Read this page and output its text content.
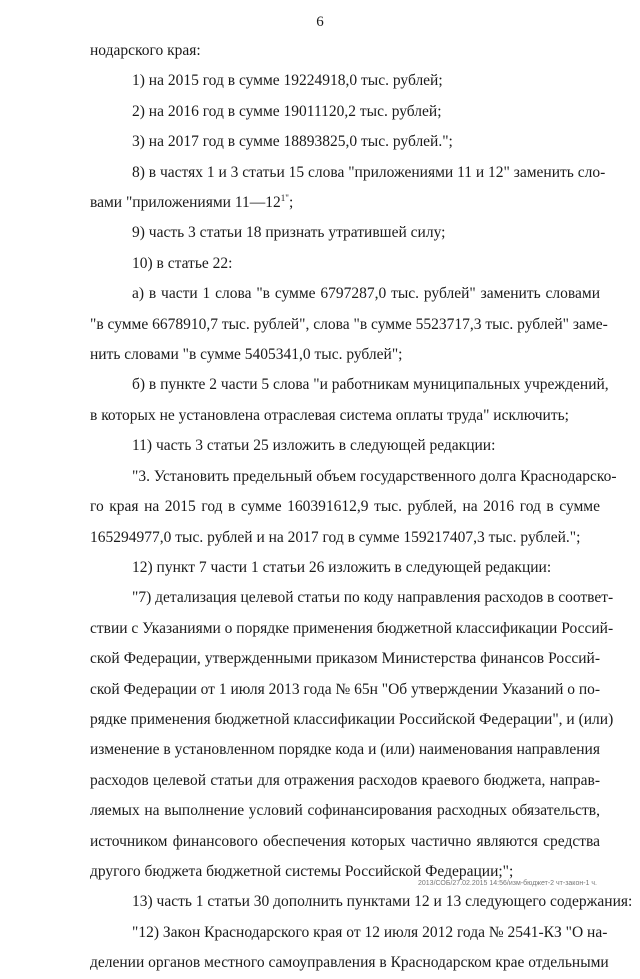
6
нодарского края:
1) на 2015 год в сумме 19224918,0 тыс. рублей;
2) на 2016 год в сумме 19011120,2 тыс. рублей;
3) на 2017 год в сумме 18893825,0 тыс. рублей.";
8) в частях 1 и 3 статьи 15 слова "приложениями 11 и 12" заменить сло-
вами "приложениями $11—12^{1"}$;
9) часть 3 статьи 18 признать утратившей силу;
10) в статье 22:
а) в части 1 слова "в сумме 6797287,0 тыс. рублей" заменить словами
"в сумме 6678910,7 тыс. рублей", слова "в сумме 5523717,3 тыс. рублей" заме-
нить словами "в сумме 5405341,0 тыс. рублей";
б) в пункте 2 части 5 слова "и работникам муниципальных учреждений,
в которых не установлена отраслевая система оплаты труда" исключить;
11) часть 3 статьи 25 изложить в следующей редакции:
"3. Установить предельный объем государственного долга Краснодарско-
го края на 2015 год в сумме 160391612,9 тыс. рублей, на 2016 год в сумме
165294977,0 тыс. рублей и на 2017 год в сумме 159217407,3 тыс. рублей.";
12) пункт 7 части 1 статьи 26 изложить в следующей редакции:
"7) детализация целевой статьи по коду направления расходов в соответ-
ствии с Указаниями о порядке применения бюджетной классификации Россий-
ской Федерации, утвержденными приказом Министерства финансов Россий-
ской Федерации от 1 июля 2013 года № 65н "Об утверждении Указаний о по-
рядке применения бюджетной классификации Российской Федерации", и (или)
изменение в установленном порядке кода и (или) наименования направления
расходов целевой статьи для отражения расходов краевого бюджета, направ-
ляемых на выполнение условий софинансирования расходных обязательств,
источником финансового обеспечения которых частично являются средства
другого бюджета бюджетной системы Российской Федерации;";
13) часть 1 статьи 30 дополнить пунктами 12 и 13 следующего содержания:
"12) Закон Краснодарского края от 12 июля 2012 года № 2541-КЗ "О на-
делении органов местного самоуправления в Краснодарском крае отдельными
2013/СОБ/27.02.2015 14:56/изм-бюджет-2 чт-закон-1 ч.
